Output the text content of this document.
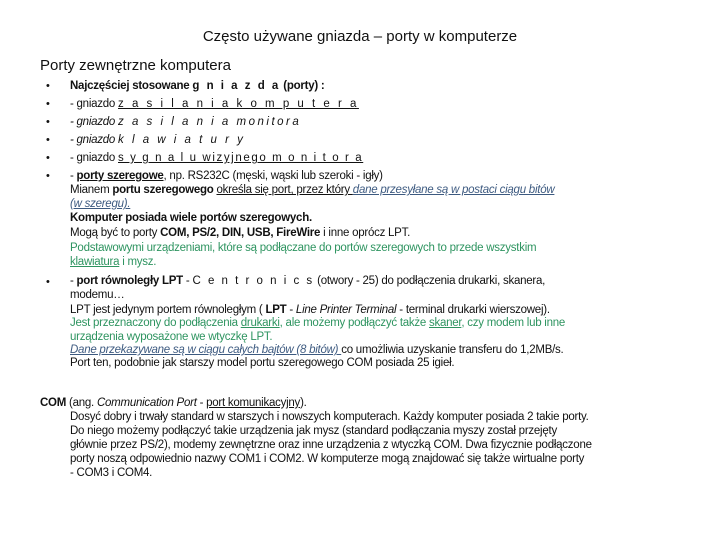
Często używane gniazda – porty w komputerze
Porty zewnętrzne komputera
•
•
•
•
•
•
•
Najczęściej stosowane g n i a z d a (porty) :
- gniazdo z a s i l a n i a k o m p u t e r a
- gniazdo z a s i l a n i a monitora
- gniazdo k l a w i a t u r y
- gniazdo s y g n a l u wizyjnego m o n i t o r a
- porty szeregowe, np. RS232C (męski, wąski lub szeroki - igły)
Mianem portu szeregowego określa się port, przez który dane przesyłane są w postaci ciągu bitów
(w szeregu).
Komputer posiada wiele portów szeregowych.
Mogą być to porty COM, PS/2, DIN, USB, FireWire i inne oprócz LPT.
Podstawowymi urządzeniami, które są podłączane do portów szeregowych to przede wszystkim
klawiatura i mysz.
- port równoległy LPT - C e n t r o n i c s (otwory - 25) do podłączenia drukarki, skanera,
modemu…
LPT jest jedynym portem równoległym ( LPT - Line Printer Terminal - terminal drukarki wierszowej).
Jest przeznaczony do podłączenia drukarki, ale możemy podłączyć także skaner, czy modem lub inne
urządzenia wyposażone we wtyczkę LPT.
Dane przekazywane są w ciągu całych bajtów (8 bitów) co umożliwia uzyskanie transferu do 1,2MB/s.
Port ten, podobnie jak starszy model portu szeregowego COM posiada 25 igieł.
COM (ang. Communication Port - port komunikacyjny).
Dosyć dobry i trwały standard w starszych i nowszych komputerach. Każdy komputer posiada 2 takie porty.
Do niego możemy podłączyć takie urządzenia jak mysz (standard podłączania myszy został przejęty
głównie przez PS/2), modemy zewnętrzne oraz inne urządzenia z wtyczką COM. Dwa fizycznie podłączone
porty noszą odpowiednio nazwy COM1 i COM2. W komputerze mogą znajdować się także wirtualne porty
- COM3 i COM4.
